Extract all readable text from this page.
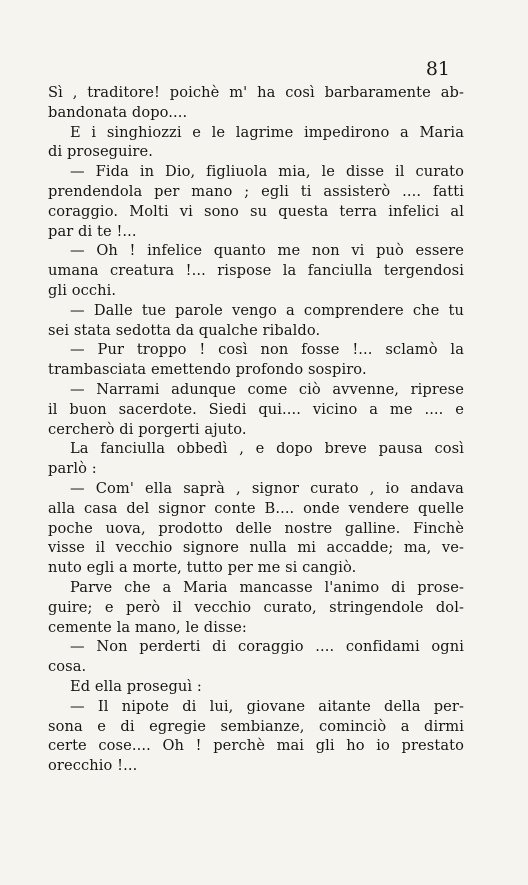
81
Sì , traditore! poichè m' ha così barbaramente ab-
bandonata dopo....
E i singhiozzi e le lagrime impedirono a Maria
di proseguire.
— Fida in Dio, figliuola mia, le disse il curato
prendendola per mano ; egli ti assisterò .... fatti
coraggio. Molti vi sono su questa terra infelici al
par di te !...
— Oh ! infelice quanto me non vi può essere
umana creatura !... rispose la fanciulla tergendosi
gli occhi.
— Dalle tue parole vengo a comprendere che tu
sei stata sedotta da qualche ribaldo.
— Pur troppo ! così non fosse !... sclamò la
trambasciata emettendo profondo sospiro.
— Narrami adunque come ciò avvenne, riprese
il buon sacerdote. Siedi qui.... vicino a me .... e
cercherò di porgerti ajuto.
La fanciulla obbedì , e dopo breve pausa così
parlò :
— Com' ella saprà , signor curato , io andava
alla casa del signor conte B.... onde vendere quelle
poche uova, prodotto delle nostre galline. Finchè
visse il vecchio signore nulla mi accadde; ma, ve-
nuto egli a morte, tutto per me si cangiò.
Parve che a Maria mancasse l'animo di prose-
guire; e però il vecchio curato, stringendole dol-
cemente la mano, le disse:
— Non perderti di coraggio .... confidami ogni
cosa.
Ed ella proseguì :
— Il nipote di lui, giovane aitante della per-
sona e di egregie sembianze, cominciò a dirmi
certe cose.... Oh ! perchè mai gli ho io prestato
orecchio !...
